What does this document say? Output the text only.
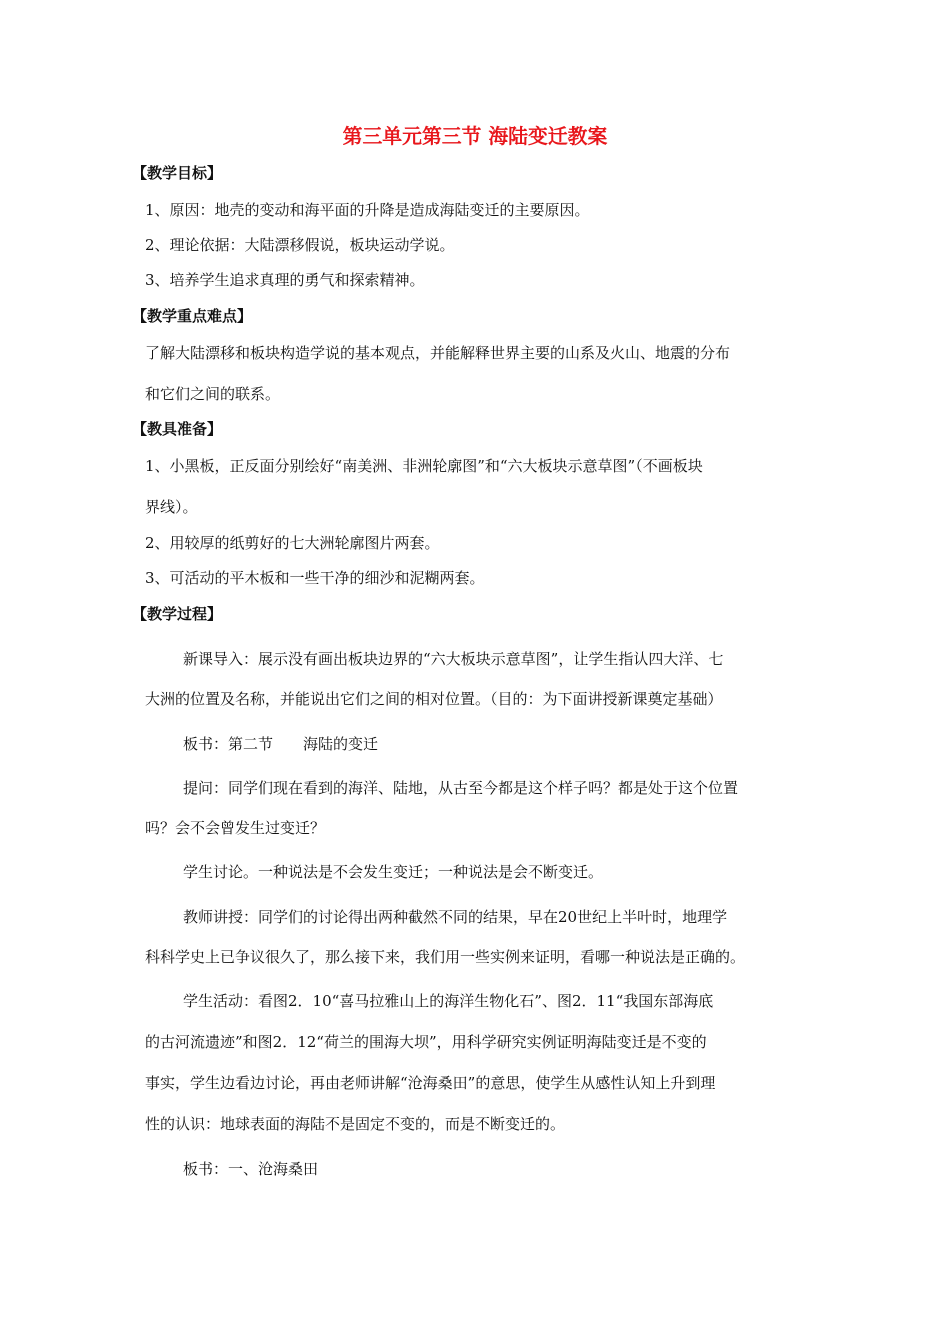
第三单元第三节 海陆变迁教案
【教学目标】
1、原因：地壳的变动和海平面的升降是造成海陆变迁的主要原因。
2、理论依据：大陆漂移假说，板块运动学说。
3、培养学生追求真理的勇气和探索精神。
【教学重点难点】
了解大陆漂移和板块构造学说的基本观点，并能解释世界主要的山系及火山、地震的分布
和它们之间的联系。
【教具准备】
1、小黑板，正反面分别绘好“南美洲、非洲轮廓图”和“六大板块示意草图”（不画板块
界线）。
2、用较厚的纸剪好的七大洲轮廓图片两套。
3、可活动的平木板和一些干净的细沙和泥糊两套。
【教学过程】
新课导入：展示没有画出板块边界的“六大板块示意草图”，让学生指认四大洋、七
大洲的位置及名称，并能说出它们之间的相对位置。（目的：为下面讲授新课奠定基础）
板书：第二节　　海陆的变迁
提问：同学们现在看到的海洋、陆地，从古至今都是这个样子吗？都是处于这个位置
吗？会不会曾发生过变迁？
学生讨论。一种说法是不会发生变迁；一种说法是会不断变迁。
教师讲授：同学们的讨论得出两种截然不同的结果，早在20世纪上半叶时，地理学
科科学史上已争议很久了，那么接下来，我们用一些实例来证明，看哪一种说法是正确的。
学生活动：看图2．10“喜马拉雅山上的海洋生物化石”、图2．11“我国东部海底
的古河流遗迹”和图2．12“荷兰的围海大坝”，用科学研究实例证明海陆变迁是不变的
事实，学生边看边讨论，再由老师讲解“沧海桑田”的意思，使学生从感性认知上升到理
性的认识：地球表面的海陆不是固定不变的，而是不断变迁的。
板书：一、沧海桑田
